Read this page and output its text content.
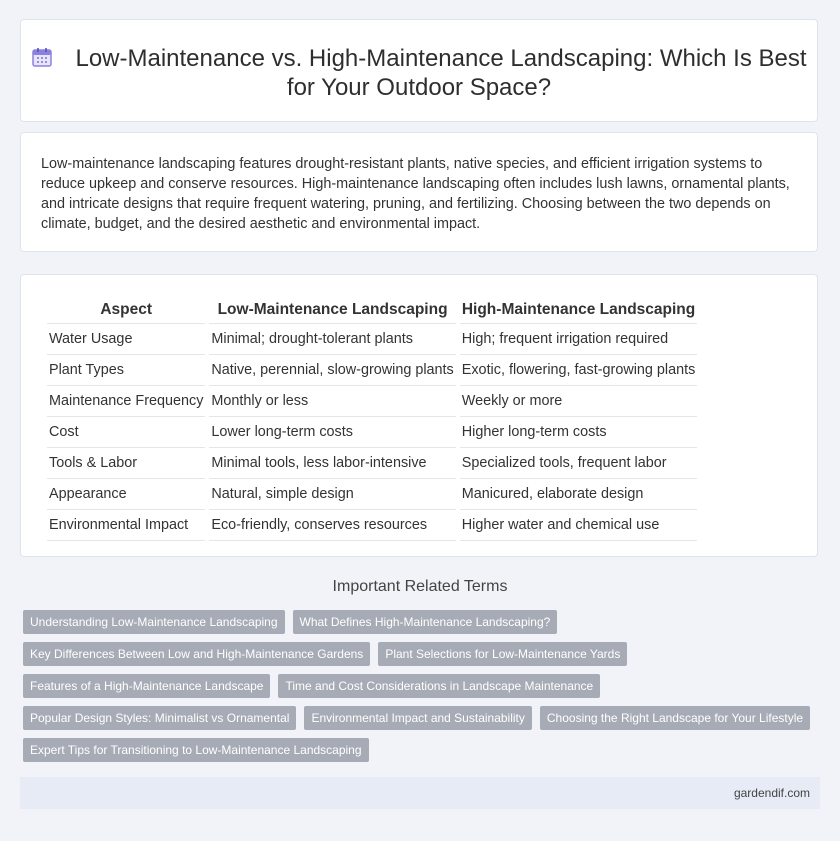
Low-Maintenance vs. High-Maintenance Landscaping: Which Is Best for Your Outdoor Space?

Low-maintenance landscaping features drought-resistant plants, native species, and efficient irrigation systems to reduce upkeep and conserve resources. High-maintenance landscaping often includes lush lawns, ornamental plants, and intricate designs that require frequent watering, pruning, and fertilizing. Choosing between the two depends on climate, budget, and the desired aesthetic and environmental impact.

Aspect	Low-Maintenance Landscaping	High-Maintenance Landscaping
Water Usage	Minimal; drought-tolerant plants	High; frequent irrigation required
Plant Types	Native, perennial, slow-growing plants	Exotic, flowering, fast-growing plants
Maintenance Frequency	Monthly or less	Weekly or more
Cost	Lower long-term costs	Higher long-term costs
Tools & Labor	Minimal tools, less labor-intensive	Specialized tools, frequent labor
Appearance	Natural, simple design	Manicured, elaborate design
Environmental Impact	Eco-friendly, conserves resources	Higher water and chemical use
Important Related Terms
Understanding Low-Maintenance Landscaping	What Defines High-Maintenance Landscaping?
Key Differences Between Low and High-Maintenance Gardens	Plant Selections for Low-Maintenance Yards
Features of a High-Maintenance Landscape	Time and Cost Considerations in Landscape Maintenance
Popular Design Styles: Minimalist vs Ornamental	Environmental Impact and Sustainability	Choosing the Right Landscape for Your Lifestyle
Expert Tips for Transitioning to Low-Maintenance Landscaping
gardendif.com
